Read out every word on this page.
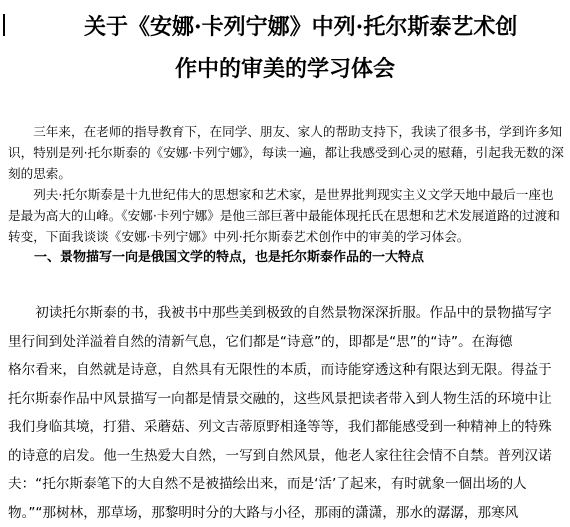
关于《安娜·卡列宁娜》中列·托尔斯泰艺术创
作中的审美的学习体会

三年来，在老师的指导教育下，在同学、朋友、家人的帮助支持下，我读了很多书，学到许多知识，特别是列·托尔斯泰的《安娜·卡列宁娜》，每读一遍，都让我感受到心灵的慰藉，引起我无数的深刻的思索。

列夫·托尔斯泰是十九世纪伟大的思想家和艺术家，是世界批判现实主义文学天地中最后一座也是最为高大的山峰。《安娜·卡列宁娜》是他三部巨著中最能体现托氏在思想和艺术发展道路的过渡和转变，下面我谈谈《安娜·卡列宁娜》中列·托尔斯泰艺术创作中的审美的学习体会。

一、景物描写一向是俄国文学的特点，也是托尔斯泰作品的一大特点

初读托尔斯泰的书，我被书中那些美到极致的自然景物深深折服。作品中的景物描写字
里行间到处洋溢着自然的清新气息，它们都是“诗意”的，即都是“思”的“诗”。在海德
格尔看来，自然就是诗意，自然具有无限性的本质，而诗能穿透这种有限达到无限。得益于
托尔斯泰作品中风景描写一向都是情景交融的，这些风景把读者带入到人物生活的环境中让
我们身临其境，打猎、采蘑菇、列文吉蒂原野相逢等等，我们都能感受到一种精神上的特殊
的诗意的启发。他一生热爱大自然，一写到自然风景，他老人家往往会情不自禁。普列汉诺
夫：“托尔斯泰笔下的大自然不是被描绘出来，而是‘活’了起来，有时就象一個出场的人
物。”“那树林，那草场，那黎明时分的大路与小径，那雨的潇潇，那水的潺潺，那寒风
